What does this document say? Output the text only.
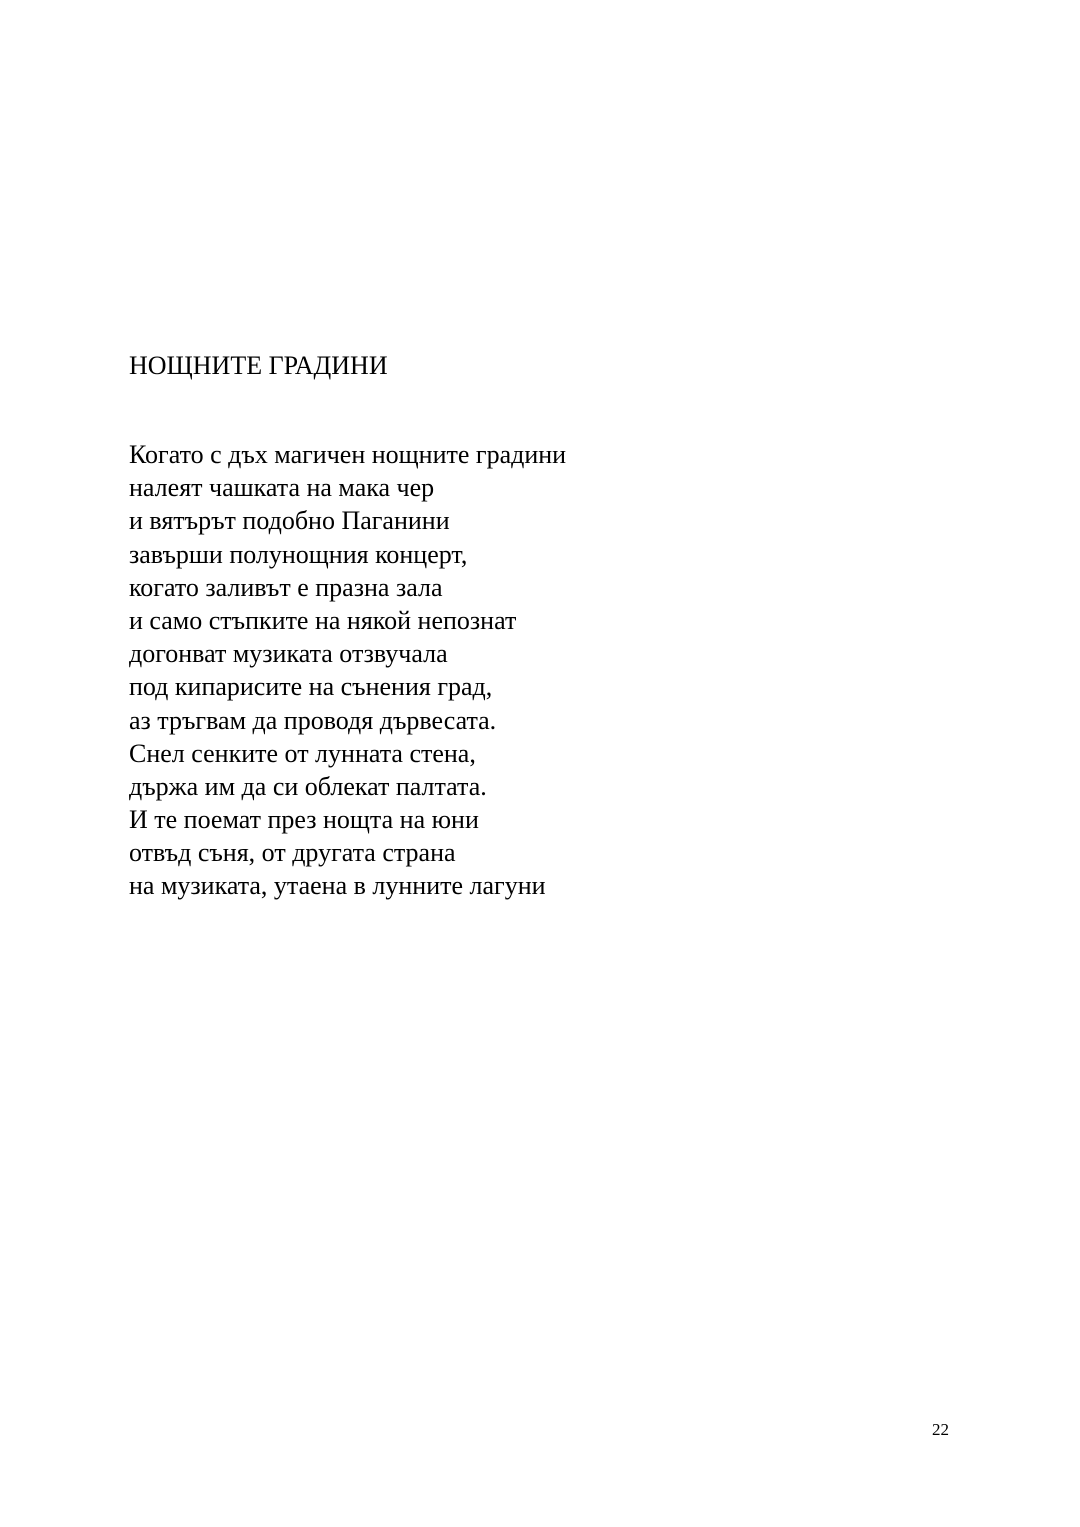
НОЩНИТЕ ГРАДИНИ
Когато с дъх магичен нощните градини
налеят чашката на мака чер
и вятърът подобно Паганини
завърши полунощния концерт,
когато заливът е празна зала
и само стъпките на някой непознат
догонват музиката отзвучала
под кипарисите на сънения град,
аз тръгвам да проводя дървесата.
Снел сенките от лунната стена,
държа им да си облекат палтата.
И те поемат през нощта на юни
отвъд съня, от другата страна
на музиката, утаена в лунните лагуни
22
